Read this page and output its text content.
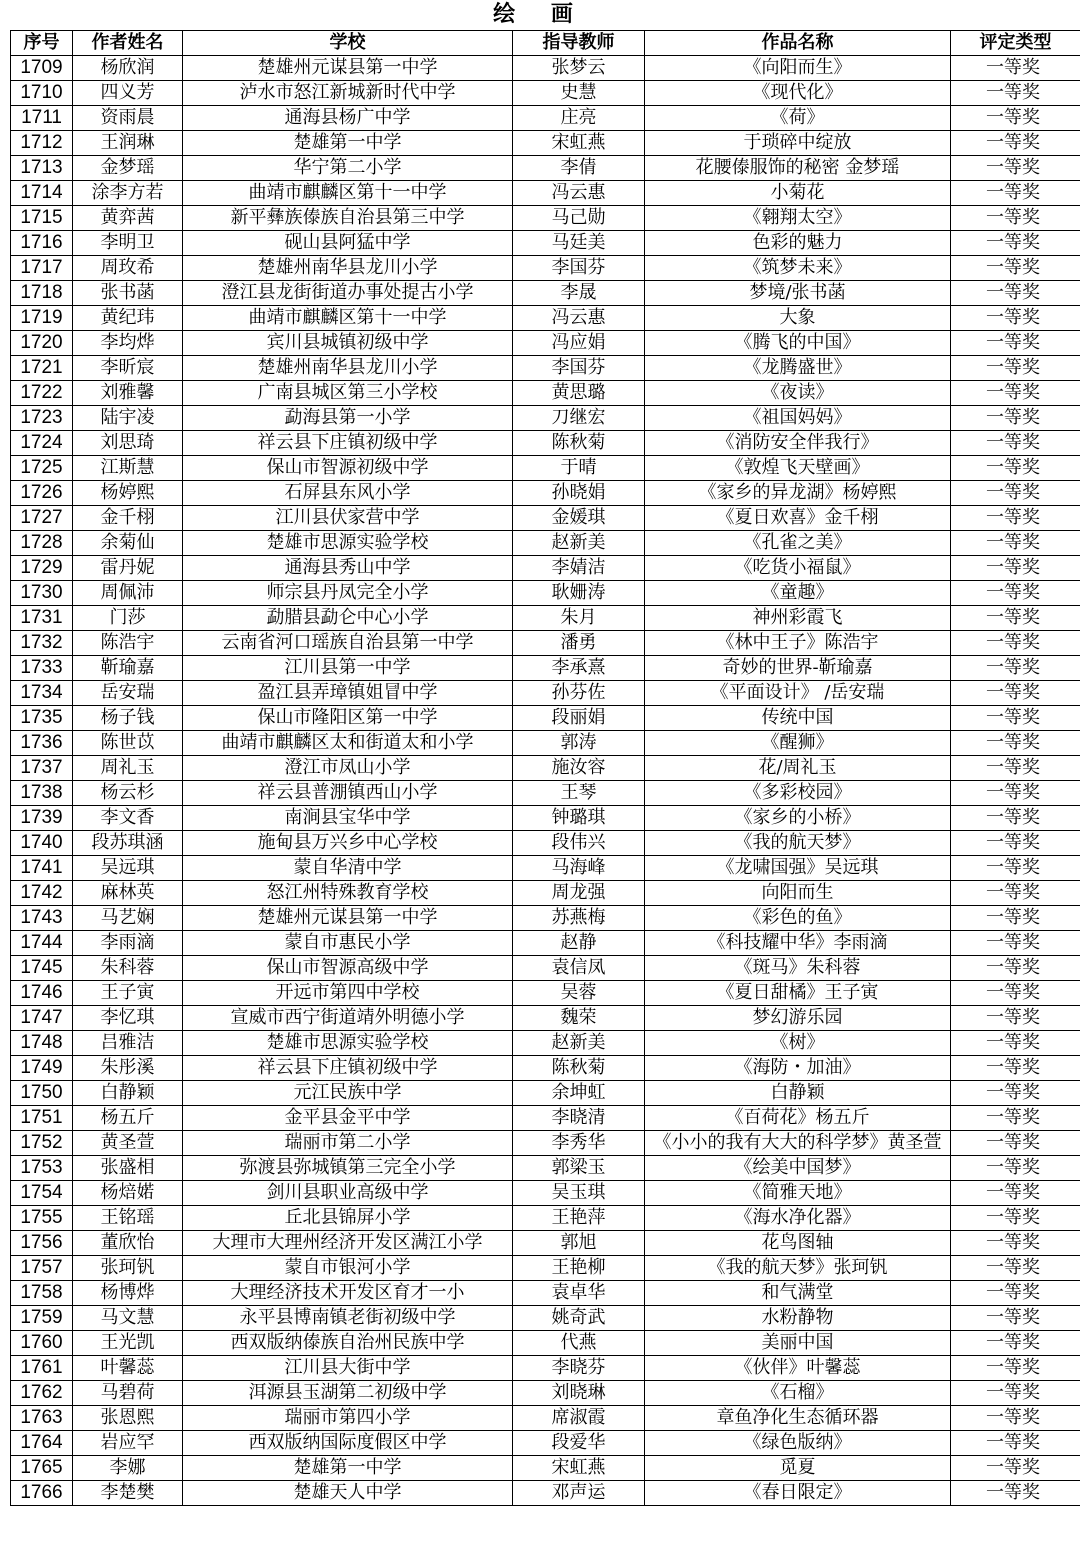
绘 画
序号	作者姓名	学校	指导教师	作品名称	评定类型
1709	杨欣润	楚雄州元谋县第一中学	张梦云	《向阳而生》	一等奖
1710	四义芳	泸水市怒江新城新时代中学	史慧	《现代化》	一等奖
1711	资雨晨	通海县杨广中学	庄亮	《荷》	一等奖
1712	王润琳	楚雄第一中学	宋虹燕	于琐碎中绽放	一等奖
1713	金梦瑶	华宁第二小学	李倩	花腰傣服饰的秘密 金梦瑶	一等奖
1714	涂李方若	曲靖市麒麟区第十一中学	冯云惠	小菊花	一等奖
1715	黄弈茜	新平彝族傣族自治县第三中学	马己勋	《翱翔太空》	一等奖
1716	李明卫	砚山县阿猛中学	马廷美	色彩的魅力	一等奖
1717	周玫希	楚雄州南华县龙川小学	李国芬	《筑梦未来》	一等奖
1718	张书菡	澄江县龙街街道办事处提古小学	李晟	梦境/张书菡	一等奖
1719	黄纪玮	曲靖市麒麟区第十一中学	冯云惠	大象	一等奖
1720	李均烨	宾川县城镇初级中学	冯应娟	《腾飞的中国》	一等奖
1721	李昕宸	楚雄州南华县龙川小学	李国芬	《龙腾盛世》	一等奖
1722	刘雅馨	广南县城区第三小学校	黄思璐	《夜读》	一等奖
1723	陆宇凌	勐海县第一小学	刀继宏	《祖国妈妈》	一等奖
1724	刘思琦	祥云县下庄镇初级中学	陈秋菊	《消防安全伴我行》	一等奖
1725	江斯慧	保山市智源初级中学	于晴	《敦煌飞天壁画》	一等奖
1726	杨婷熙	石屏县东风小学	孙晓娟	《家乡的异龙湖》杨婷熙	一等奖
1727	金千栩	江川县伏家营中学	金媛琪	《夏日欢喜》金千栩	一等奖
1728	余菊仙	楚雄市思源实验学校	赵新美	《孔雀之美》	一等奖
1729	雷丹妮	通海县秀山中学	李婧洁	《吃货小福鼠》	一等奖
1730	周佩沛	师宗县丹凤完全小学	耿姗涛	《童趣》	一等奖
1731	门莎	勐腊县勐仑中心小学	朱月	神州彩霞飞	一等奖
1732	陈浩宇	云南省河口瑶族自治县第一中学	潘勇	《林中王子》陈浩宇	一等奖
1733	靳瑜嘉	江川县第一中学	李承熹	奇妙的世界-靳瑜嘉	一等奖
1734	岳安瑞	盈江县弄璋镇姐冒中学	孙芬佐	《平面设计》 /岳安瑞	一等奖
1735	杨子钱	保山市隆阳区第一中学	段丽娟	传统中国	一等奖
1736	陈世苡	曲靖市麒麟区太和街道太和小学	郭涛	《醒狮》	一等奖
1737	周礼玉	澄江市凤山小学	施汝容	花/周礼玉	一等奖
1738	杨云杉	祥云县普淜镇西山小学	王琴	《多彩校园》	一等奖
1739	李文香	南涧县宝华中学	钟璐琪	《家乡的小桥》	一等奖
1740	段苏琪涵	施甸县万兴乡中心学校	段伟兴	《我的航天梦》	一等奖
1741	吴远琪	蒙自华清中学	马海峰	《龙啸国强》吴远琪	一等奖
1742	麻林英	怒江州特殊教育学校	周龙强	向阳而生	一等奖
1743	马艺娴	楚雄州元谋县第一中学	苏燕梅	《彩色的鱼》	一等奖
1744	李雨滴	蒙自市惠民小学	赵静	《科技耀中华》李雨滴	一等奖
1745	朱科蓉	保山市智源高级中学	袁信凤	《斑马》朱科蓉	一等奖
1746	王子寅	开远市第四中学校	吴蓉	《夏日甜橘》王子寅	一等奖
1747	李忆琪	宣威市西宁街道靖外明德小学	魏荣	梦幻游乐园	一等奖
1748	吕雅洁	楚雄市思源实验学校	赵新美	《树》	一等奖
1749	朱彤溪	祥云县下庄镇初级中学	陈秋菊	《海防・加油》	一等奖
1750	白静颖	元江民族中学	余坤虹	白静颖	一等奖
1751	杨五斤	金平县金平中学	李晓清	《百荷花》杨五斤	一等奖
1752	黄圣萱	瑞丽市第二小学	李秀华	《小小的我有大大的科学梦》黄圣萱	一等奖
1753	张盛相	弥渡县弥城镇第三完全小学	郭梁玉	《绘美中国梦》	一等奖
1754	杨焙婼	剑川县职业高级中学	吴玉琪	《简雅天地》	一等奖
1755	王铭瑶	丘北县锦屏小学	王艳萍	《海水净化器》	一等奖
1756	董欣怡	大理市大理州经济开发区满江小学	郭旭	花鸟图轴	一等奖
1757	张珂钒	蒙自市银河小学	王艳柳	《我的航天梦》张珂钒	一等奖
1758	杨博烨	大理经济技术开发区育才一小	袁卓华	和气满堂	一等奖
1759	马文慧	永平县博南镇老街初级中学	姚奇武	水粉静物	一等奖
1760	王光凯	西双版纳傣族自治州民族中学	代燕	美丽中国	一等奖
1761	叶馨蕊	江川县大街中学	李晓芬	《伙伴》叶馨蕊	一等奖
1762	马碧荷	洱源县玉湖第二初级中学	刘晓琳	《石榴》	一等奖
1763	张恩熙	瑞丽市第四小学	席淑霞	章鱼净化生态循环器	一等奖
1764	岩应罕	西双版纳国际度假区中学	段爱华	《绿色版纳》	一等奖
1765	李娜	楚雄第一中学	宋虹燕	觅夏	一等奖
1766	李楚樊	楚雄天人中学	邓声运	《春日限定》	一等奖
